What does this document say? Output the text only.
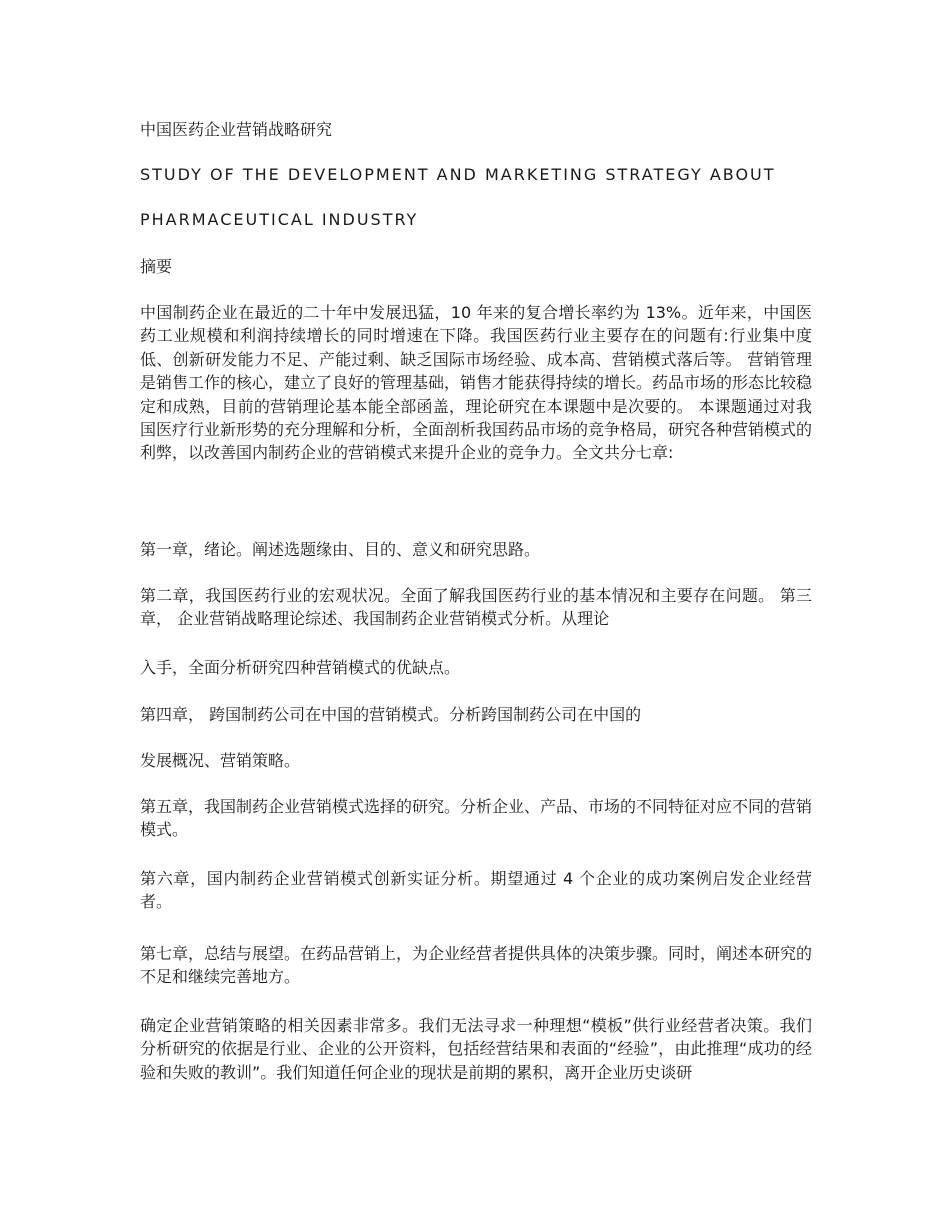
中国医药企业营销战略研究

STUDY OF THE DEVELOPMENT AND MARKETING STRATEGY ABOUT

PHARMACEUTICAL INDUSTRY

摘要

中国制药企业在最近的二十年中发展迅猛，10 年来的复合增长率约为 13%。近年来，中国医药工业规模和利润持续增长的同时增速在下降。我国医药行业主要存在的问题有:行业集中度低、创新研发能力不足、产能过剩、缺乏国际市场经验、成本高、营销模式落后等。 营销管理是销售工作的核心，建立了良好的管理基础，销售才能获得持续的增长。药品市场的形态比较稳定和成熟，目前的营销理论基本能全部函盖，理论研究在本课题中是次要的。 本课题通过对我国医疗行业新形势的充分理解和分析，全面剖析我国药品市场的竞争格局，研究各种营销模式的利弊，以改善国内制药企业的营销模式来提升企业的竞争力。全文共分七章:

第一章，绪论。阐述选题缘由、目的、意义和研究思路。

第二章，我国医药行业的宏观状况。全面了解我国医药行业的基本情况和主要存在问题。 第三章， 企业营销战略理论综述、我国制药企业营销模式分析。从理论

入手，全面分析研究四种营销模式的优缺点。

第四章， 跨国制药公司在中国的营销模式。分析跨国制药公司在中国的

发展概况、营销策略。

第五章，我国制药企业营销模式选择的研究。分析企业、产品、市场的不同特征对应不同的营销模式。

第六章，国内制药企业营销模式创新实证分析。期望通过 4 个企业的成功案例启发企业经营者。

第七章，总结与展望。在药品营销上，为企业经营者提供具体的决策步骤。同时，阐述本研究的不足和继续完善地方。

确定企业营销策略的相关因素非常多。我们无法寻求一种理想“模板”供行业经营者决策。我们分析研究的依据是行业、企业的公开资料，包括经营结果和表面的“经验”，由此推理“成功的经验和失败的教训”。我们知道任何企业的现状是前期的累积，离开企业历史谈研
